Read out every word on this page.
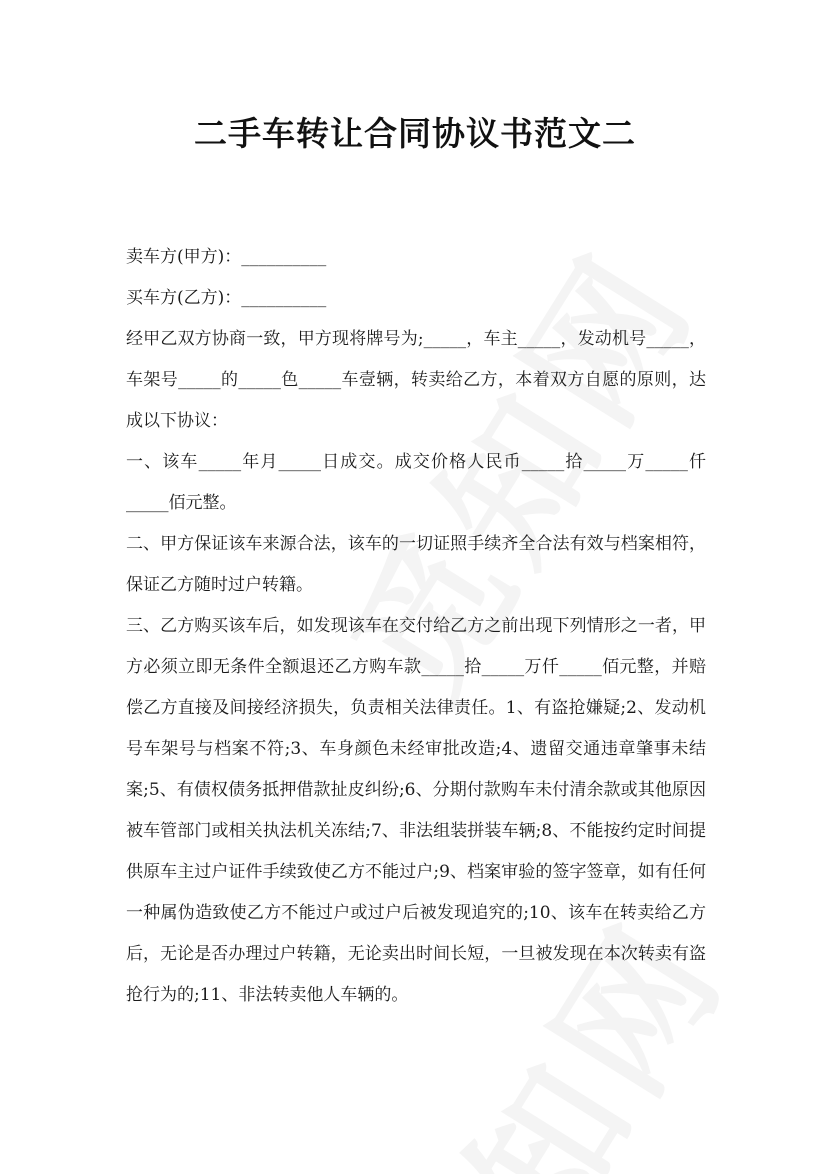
二手车转让合同协议书范文二

卖车方(甲方)：__________

买车方(乙方)：__________

经甲乙双方协商一致，甲方现将牌号为;_____，车主_____，发动机号_____，车架号_____的_____色_____车壹辆，转卖给乙方，本着双方自愿的原则，达成以下协议：

一、该车_____年月_____日成交。成交价格人民币_____拾_____万_____仟_____佰元整。

二、甲方保证该车来源合法，该车的一切证照手续齐全合法有效与档案相符，保证乙方随时过户转籍。

三、乙方购买该车后，如发现该车在交付给乙方之前出现下列情形之一者，甲方必须立即无条件全额退还乙方购车款_____拾_____万仟_____佰元整，并赔偿乙方直接及间接经济损失，负责相关法律责任。1、有盗抢嫌疑;2、发动机号车架号与档案不符;3、车身颜色未经审批改造;4、遗留交通违章肇事未结案;5、有债权债务抵押借款扯皮纠纷;6、分期付款购车未付清余款或其他原因被车管部门或相关执法机关冻结;7、非法组装拼装车辆;8、不能按约定时间提供原车主过户证件手续致使乙方不能过户;9、档案审验的签字签章，如有任何一种属伪造致使乙方不能过户或过户后被发现追究的;10、该车在转卖给乙方后，无论是否办理过户转籍，无论卖出时间长短，一旦被发现在本次转卖有盗抢行为的;11、非法转卖他人车辆的。
